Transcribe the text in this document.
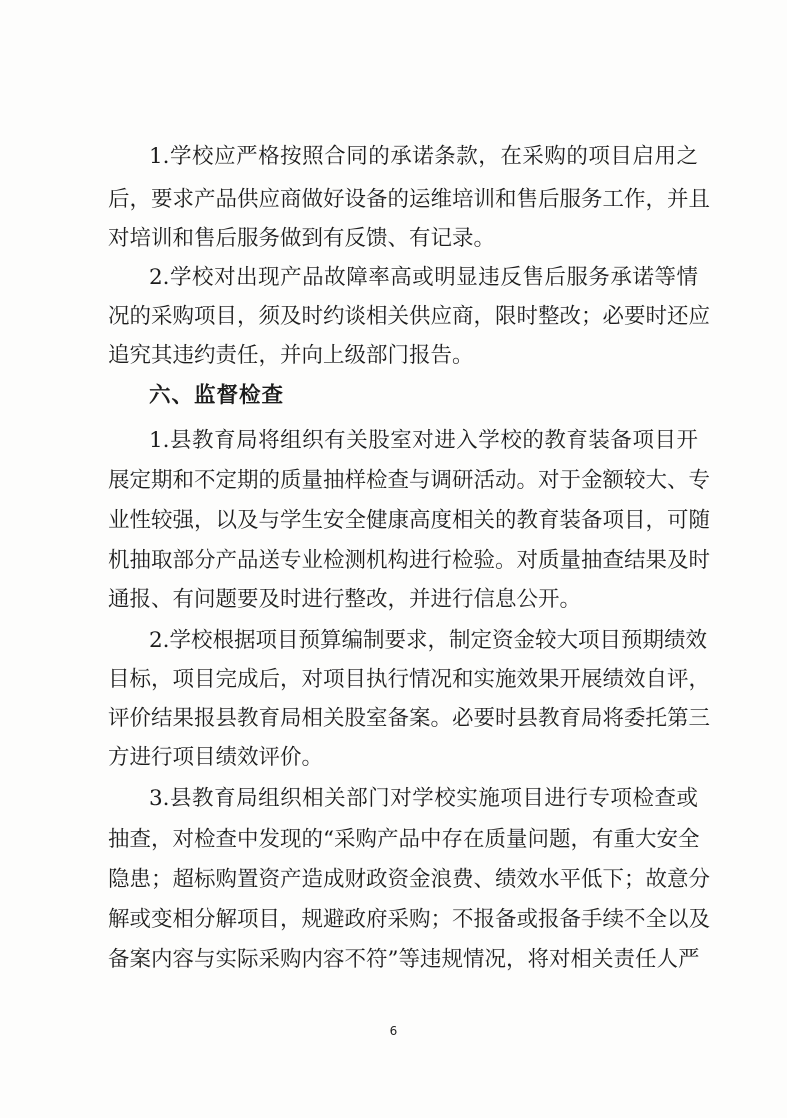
1.学校应严格按照合同的承诺条款，在采购的项目启用之
后，要求产品供应商做好设备的运维培训和售后服务工作，并且
对培训和售后服务做到有反馈、有记录。
2.学校对出现产品故障率高或明显违反售后服务承诺等情
况的采购项目，须及时约谈相关供应商，限时整改；必要时还应
追究其违约责任，并向上级部门报告。
六、监督检查
1.县教育局将组织有关股室对进入学校的教育装备项目开
展定期和不定期的质量抽样检查与调研活动。对于金额较大、专
业性较强，以及与学生安全健康高度相关的教育装备项目，可随
机抽取部分产品送专业检测机构进行检验。对质量抽查结果及时
通报、有问题要及时进行整改，并进行信息公开。
2.学校根据项目预算编制要求，制定资金较大项目预期绩效
目标，项目完成后，对项目执行情况和实施效果开展绩效自评，
评价结果报县教育局相关股室备案。必要时县教育局将委托第三
方进行项目绩效评价。
3.县教育局组织相关部门对学校实施项目进行专项检查或
抽查，对检查中发现的“采购产品中存在质量问题，有重大安全
隐患；超标购置资产造成财政资金浪费、绩效水平低下；故意分
解或变相分解项目，规避政府采购；不报备或报备手续不全以及
备案内容与实际采购内容不符”等违规情况，将对相关责任人严
6
